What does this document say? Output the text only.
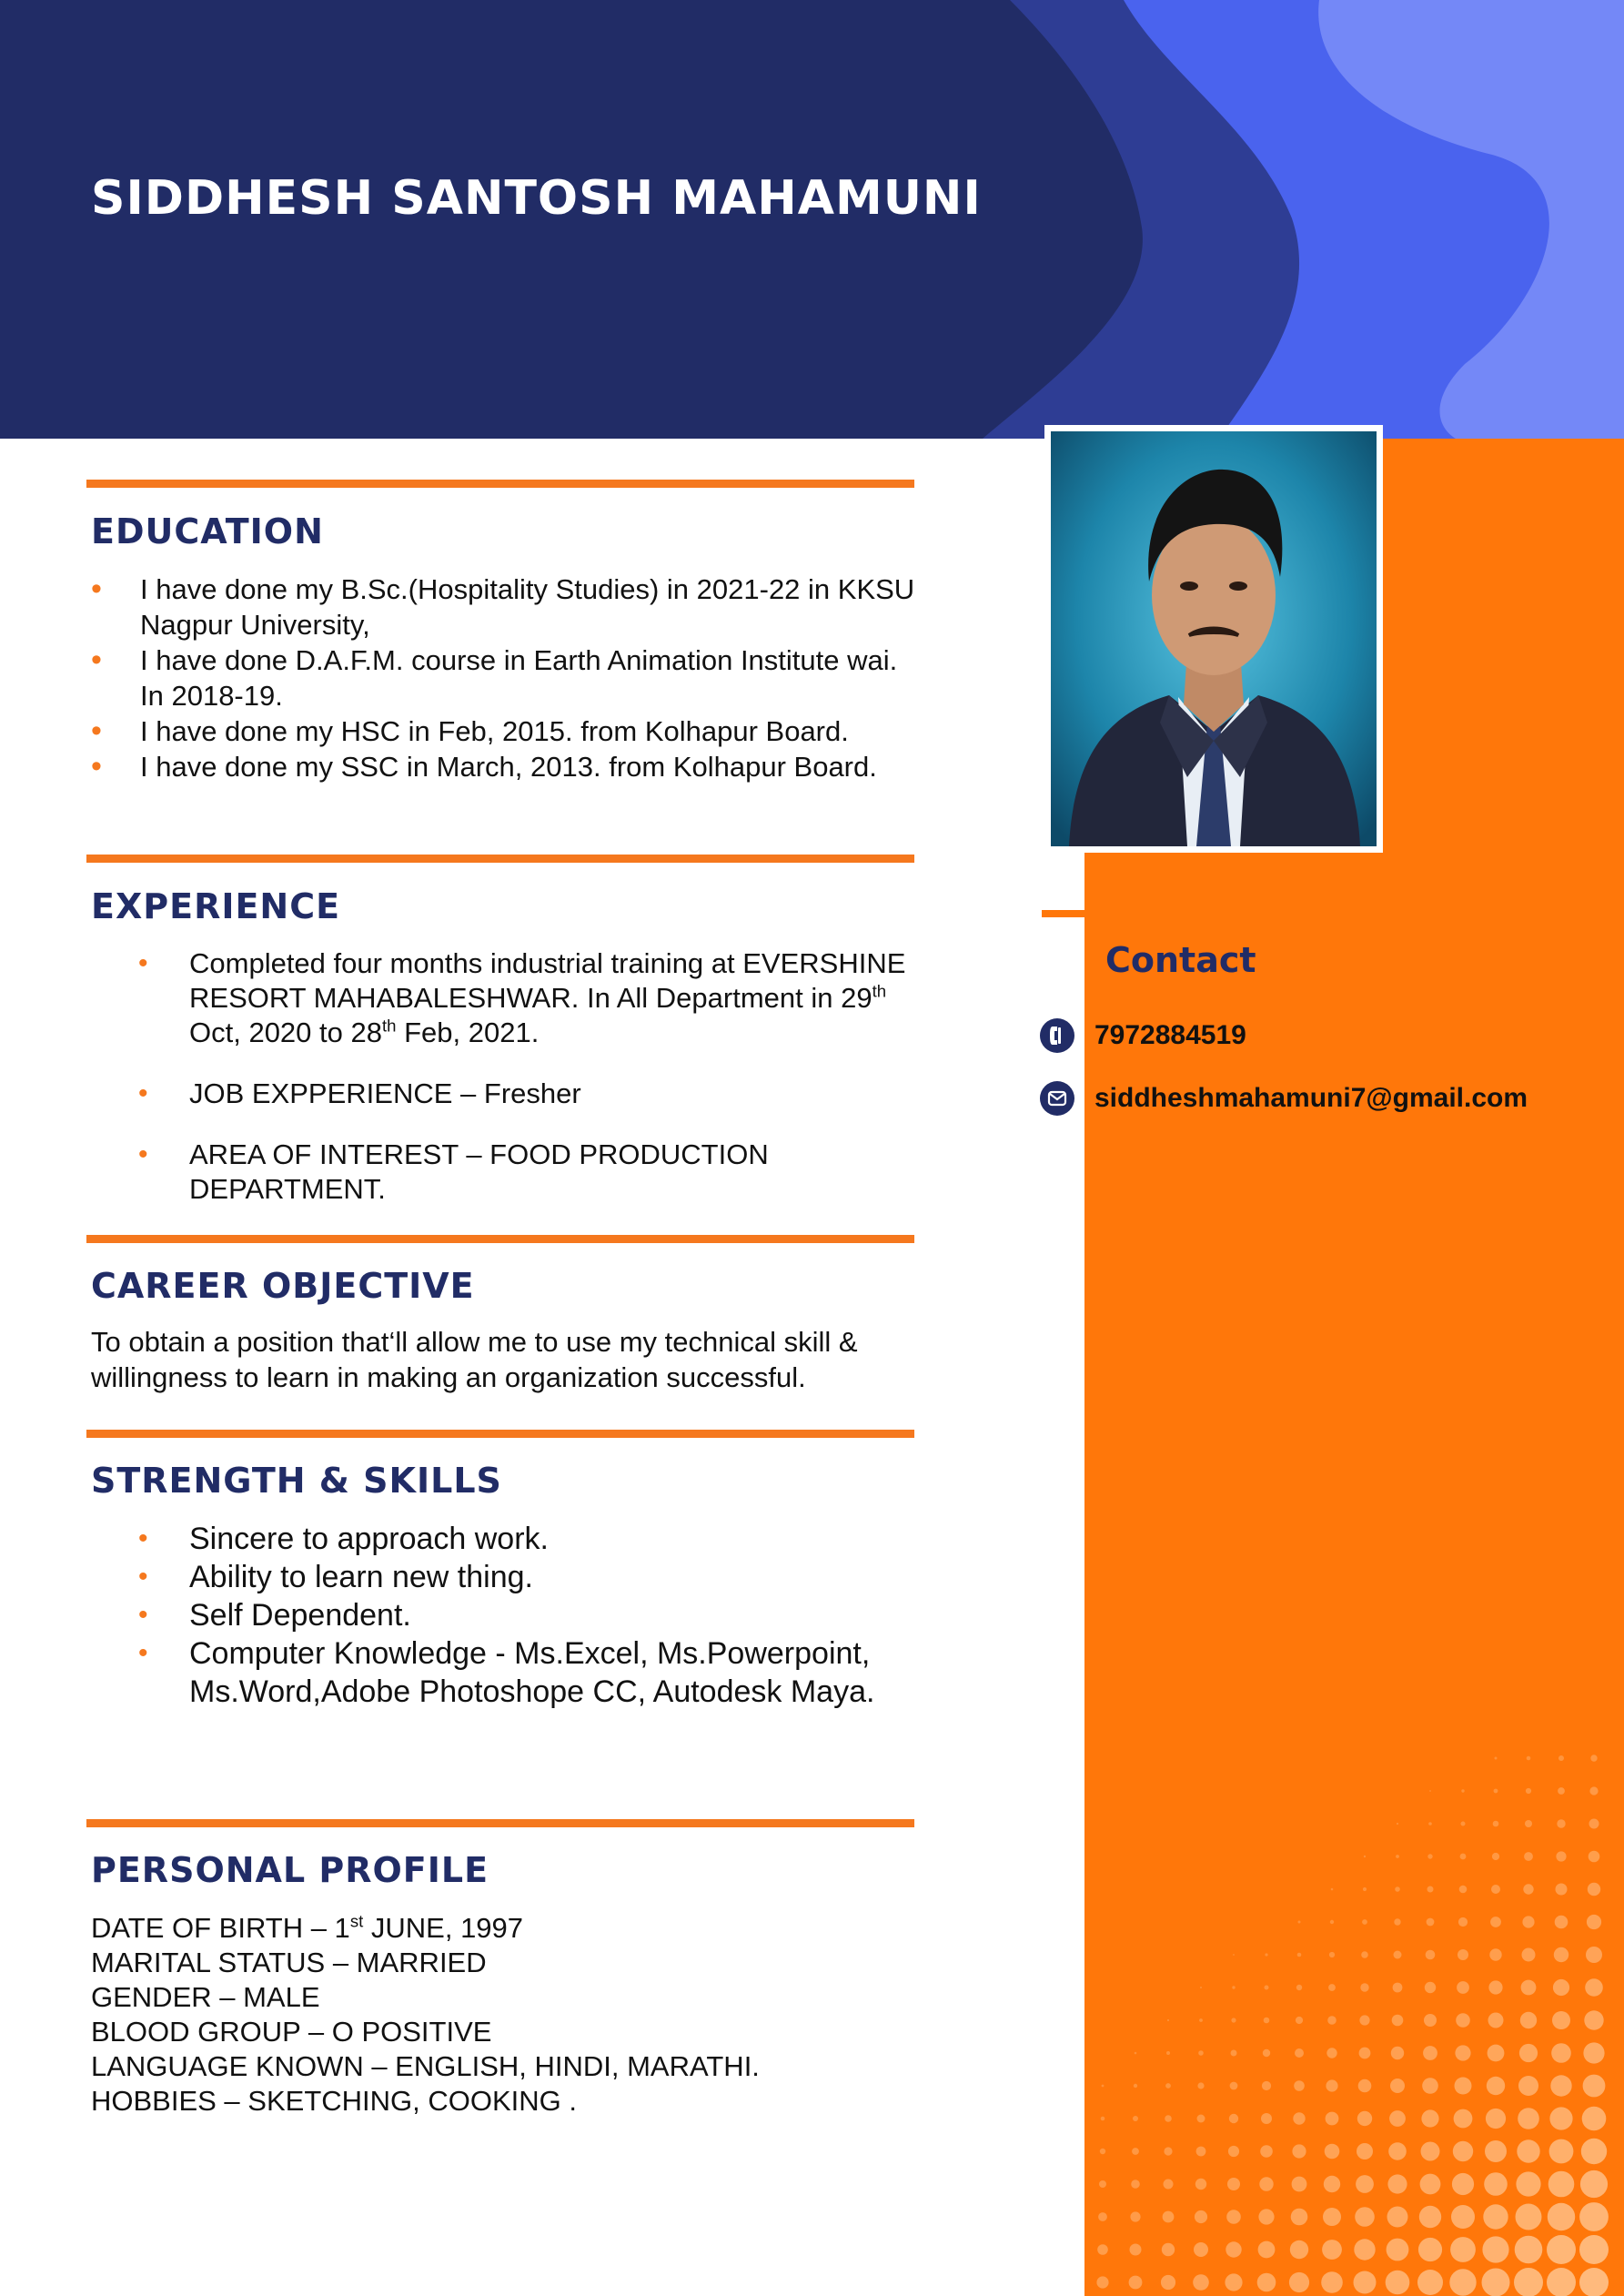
SIDDHESH SANTOSH MAHAMUNI
Contact
7972884519
siddheshmahamuni7@gmail.com
EDUCATION
• I have done my B.Sc.(Hospitality Studies) in 2021-22 in KKSU Nagpur University,
• I have done D.A.F.M. course in Earth Animation Institute wai. In 2018-19.
• I have done my HSC in Feb, 2015. from Kolhapur Board.
• I have done my SSC in March, 2013. from Kolhapur Board.
EXPERIENCE
• Completed four months industrial training at EVERSHINE RESORT MAHABALESHWAR. In All Department in 29th Oct, 2020 to 28th Feb, 2021.
• JOB EXPPERIENCE – Fresher
• AREA OF INTEREST – FOOD PRODUCTION DEPARTMENT.
CAREER OBJECTIVE

To obtain a position that‘ll allow me to use my technical skill & willingness to learn in making an organization successful.

STRENGTH & SKILLS
• Sincere to approach work.
• Ability to learn new thing.
• Self Dependent.
• Computer Knowledge - Ms.Excel, Ms.Powerpoint, Ms.Word,Adobe Photoshope CC, Autodesk Maya.
PERSONAL PROFILE
DATE OF BIRTH – 1st JUNE, 1997
MARITAL STATUS – MARRIED
GENDER – MALE
BLOOD GROUP – O POSITIVE
LANGUAGE KNOWN – ENGLISH, HINDI, MARATHI.
HOBBIES – SKETCHING, COOKING .
